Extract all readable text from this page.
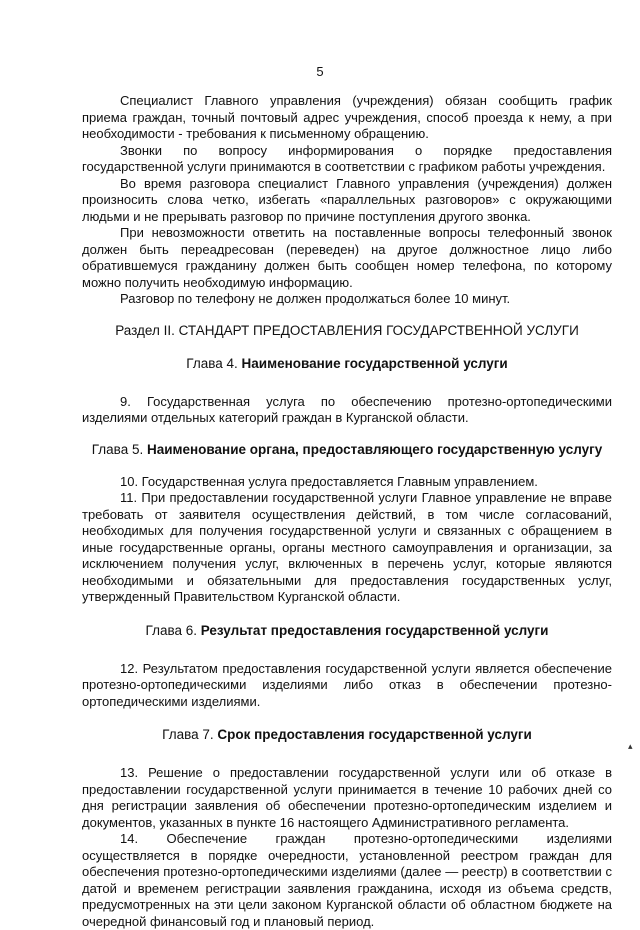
5

Специалист Главного управления (учреждения) обязан сообщить график приема граждан, точный почтовый адрес учреждения, способ проезда к нему, а при необходимости - требования к письменному обращению.

Звонки по вопросу информирования о порядке предоставления государственной услуги принимаются в соответствии с графиком работы учреждения.

Во время разговора специалист Главного управления (учреждения) должен произносить слова четко, избегать «параллельных разговоров» с окружающими людьми и не прерывать разговор по причине поступления другого звонка.

При невозможности ответить на поставленные вопросы телефонный звонок должен быть переадресован (переведен) на другое должностное лицо либо обратившемуся гражданину должен быть сообщен номер телефона, по которому можно получить необходимую информацию.

Разговор по телефону не должен продолжаться более 10 минут.

Раздел II. СТАНДАРТ ПРЕДОСТАВЛЕНИЯ ГОСУДАРСТВЕННОЙ УСЛУГИ

Глава 4. Наименование государственной услуги

9. Государственная услуга по обеспечению протезно-ортопедическими изделиями отдельных категорий граждан в Курганской области.

Глава 5. Наименование органа, предоставляющего государственную услугу

10. Государственная услуга предоставляется Главным управлением.

11. При предоставлении государственной услуги Главное управление не вправе требовать от заявителя осуществления действий, в том числе согласований, необходимых для получения государственной услуги и связанных с обращением в иные государственные органы, органы местного самоуправления и организации, за исключением получения услуг, включенных в перечень услуг, которые являются необходимыми и обязательными для предоставления государственных услуг, утвержденный Правительством Курганской области.

Глава 6. Результат предоставления государственной услуги

12. Результатом предоставления государственной услуги является обеспечение протезно-ортопедическими изделиями либо отказ в обеспечении протезно-ортопедическими изделиями.

Глава 7. Срок предоставления государственной услуги

13. Решение о предоставлении государственной услуги или об отказе в предоставлении государственной услуги принимается в течение 10 рабочих дней со дня регистрации заявления об обеспечении протезно-ортопедическим изделием и документов, указанных в пункте 16 настоящего Административного регламента.

14. Обеспечение граждан протезно-ортопедическими изделиями осуществляется в порядке очередности, установленной реестром граждан для обеспечения протезно-ортопедическими изделиями (далее — реестр) в соответствии с датой и временем регистрации заявления гражданина, исходя из объема средств, предусмотренных на эти цели законом Курганской области об областном бюджете на очередной финансовый год и плановый период.

▴
